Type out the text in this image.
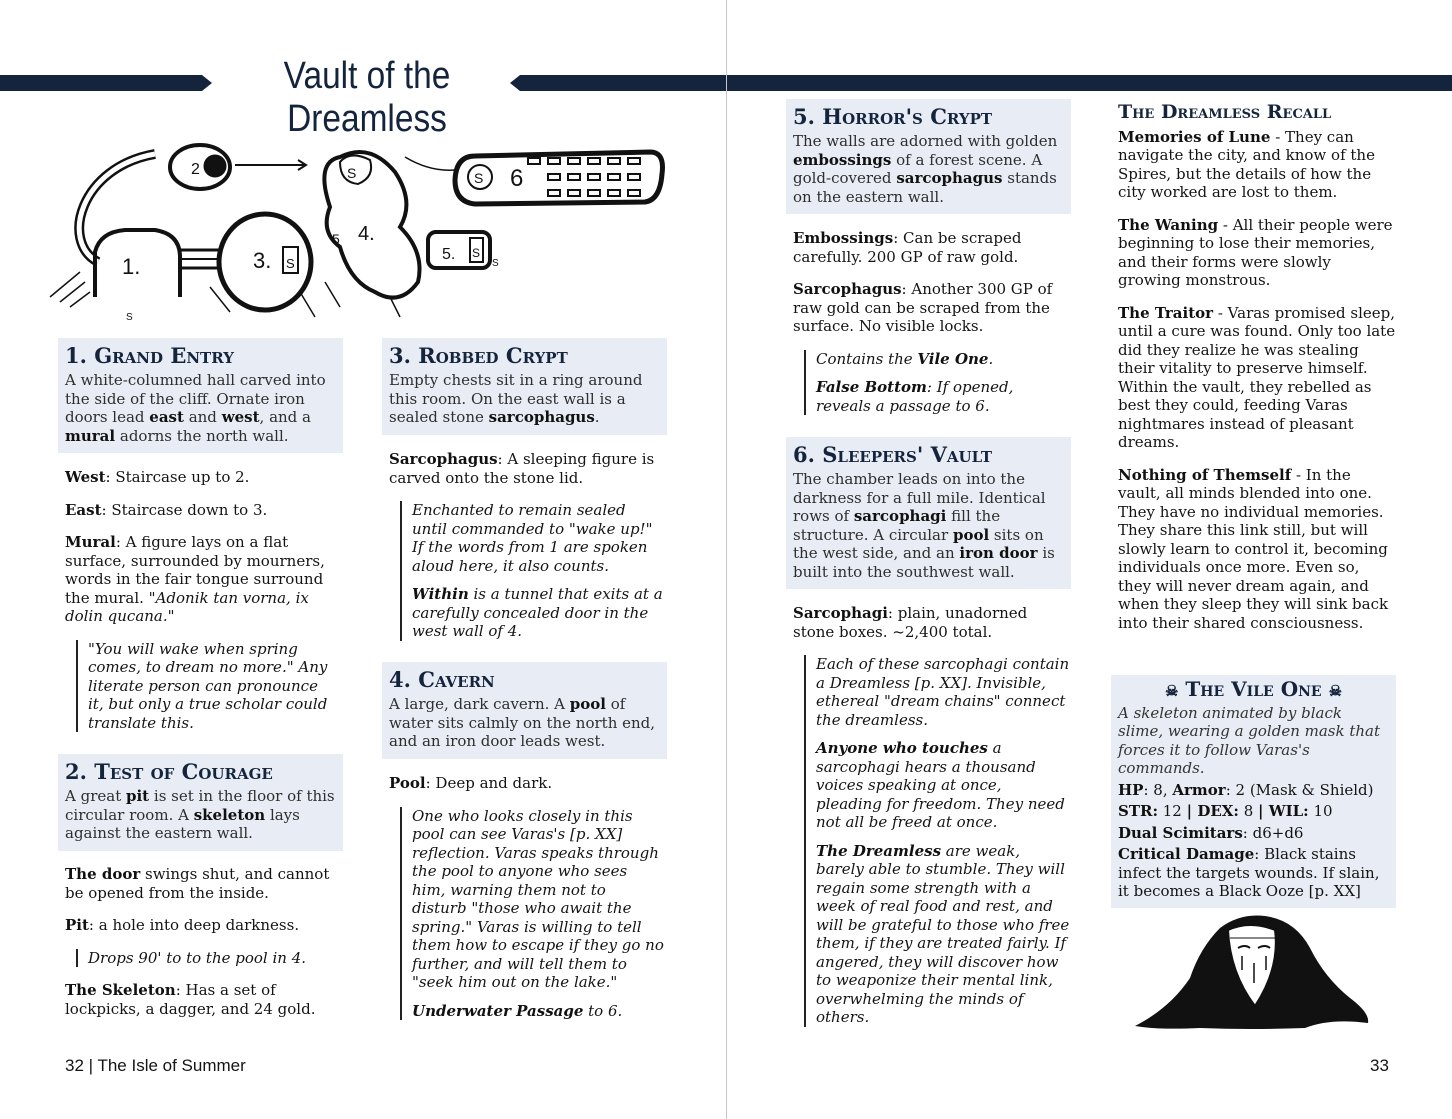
Vault of the Dreamless
2	S	6
S
4.
5. S
1.	3. S
5
S
S
1. Grand Entry

A white-columned hall carved into the side of the cliff. Ornate iron doors lead east and west, and a mural adorns the north wall.

West: Staircase up to 2.

East: Staircase down to 3.

Mural: A figure lays on a flat surface, surrounded by mourners, words in the fair tongue surround the mural. "Adonik tan vorna, ix dolin qucana."

"You will wake when spring comes, to dream no more." Any literate person can pronounce it, but only a true scholar could translate this.

2. Test of Courage

A great pit is set in the floor of this circular room. A skeleton lays against the eastern wall.

The door swings shut, and cannot be opened from the inside.

Pit: a hole into deep darkness.

Drops 90' to to the pool in 4.

The Skeleton: Has a set of lockpicks, a dagger, and 24 gold.

3. Robbed Crypt

Empty chests sit in a ring around this room. On the east wall is a sealed stone sarcophagus.

Sarcophagus: A sleeping figure is carved onto the stone lid.

Enchanted to remain sealed until commanded to "wake up!" If the words from 1 are spoken aloud here, it also counts.

Within is a tunnel that exits at a carefully concealed door in the west wall of 4.

4. Cavern

A large, dark cavern. A pool of water sits calmly on the north end, and an iron door leads west.

Pool: Deep and dark.

One who looks closely in this pool can see Varas's [p. XX] reflection. Varas speaks through the pool to anyone who sees him, warning them not to disturb "those who await the spring." Varas is willing to tell them how to escape if they go no further, and will tell them to "seek him out on the lake."

Underwater Passage to 6.

32 | The Isle of Summer
5. Horror's Crypt

The walls are adorned with golden embossings of a forest scene. A gold-covered sarcophagus stands on the eastern wall.

Embossings: Can be scraped carefully. 200 GP of raw gold.

Sarcophagus: Another 300 GP of raw gold can be scraped from the surface. No visible locks.

Contains the Vile One.

False Bottom: If opened, reveals a passage to 6.

6. Sleepers' Vault

The chamber leads on into the darkness for a full mile. Identical rows of sarcophagi fill the structure. A circular pool sits on the west side, and an iron door is built into the southwest wall.

Sarcophagi: plain, unadorned stone boxes. ~2,400 total.

Each of these sarcophagi contain a Dreamless [p. XX]. Invisible, ethereal "dream chains" connect the dreamless.

Anyone who touches a sarcophagi hears a thousand voices speaking at once, pleading for freedom. They need not all be freed at once.

The Dreamless are weak, barely able to stumble. They will regain some strength with a week of real food and rest, and will be grateful to those who free them, if they are treated fairly. If angered, they will discover how to weaponize their mental link, overwhelming the minds of others.

The Dreamless Recall

Memories of Lune - They can navigate the city, and know of the Spires, but the details of how the city worked are lost to them.

The Waning - All their people were beginning to lose their memories, and their forms were slowly growing monstrous.

The Traitor - Varas promised sleep, until a cure was found. Only too late did they realize he was stealing their vitality to preserve himself. Within the vault, they rebelled as best they could, feeding Varas nightmares instead of pleasant dreams.

Nothing of Themself - In the vault, all minds blended into one. They have no individual memories. They share this link still, but will slowly learn to control it, becoming individuals once more. Even so, they will never dream again, and when they sleep they will sink back into their shared consciousness.

☠ The Vile One ☠

A skeleton animated by black slime, wearing a golden mask that forces it to follow Varas's commands.

HP: 8, Armor: 2 (Mask & Shield)

STR: 12 | DEX: 8 | WIL: 10

Dual Scimitars: d6+d6

Critical Damage: Black stains infect the targets wounds. If slain, it becomes a Black Ooze [p. XX]

33
